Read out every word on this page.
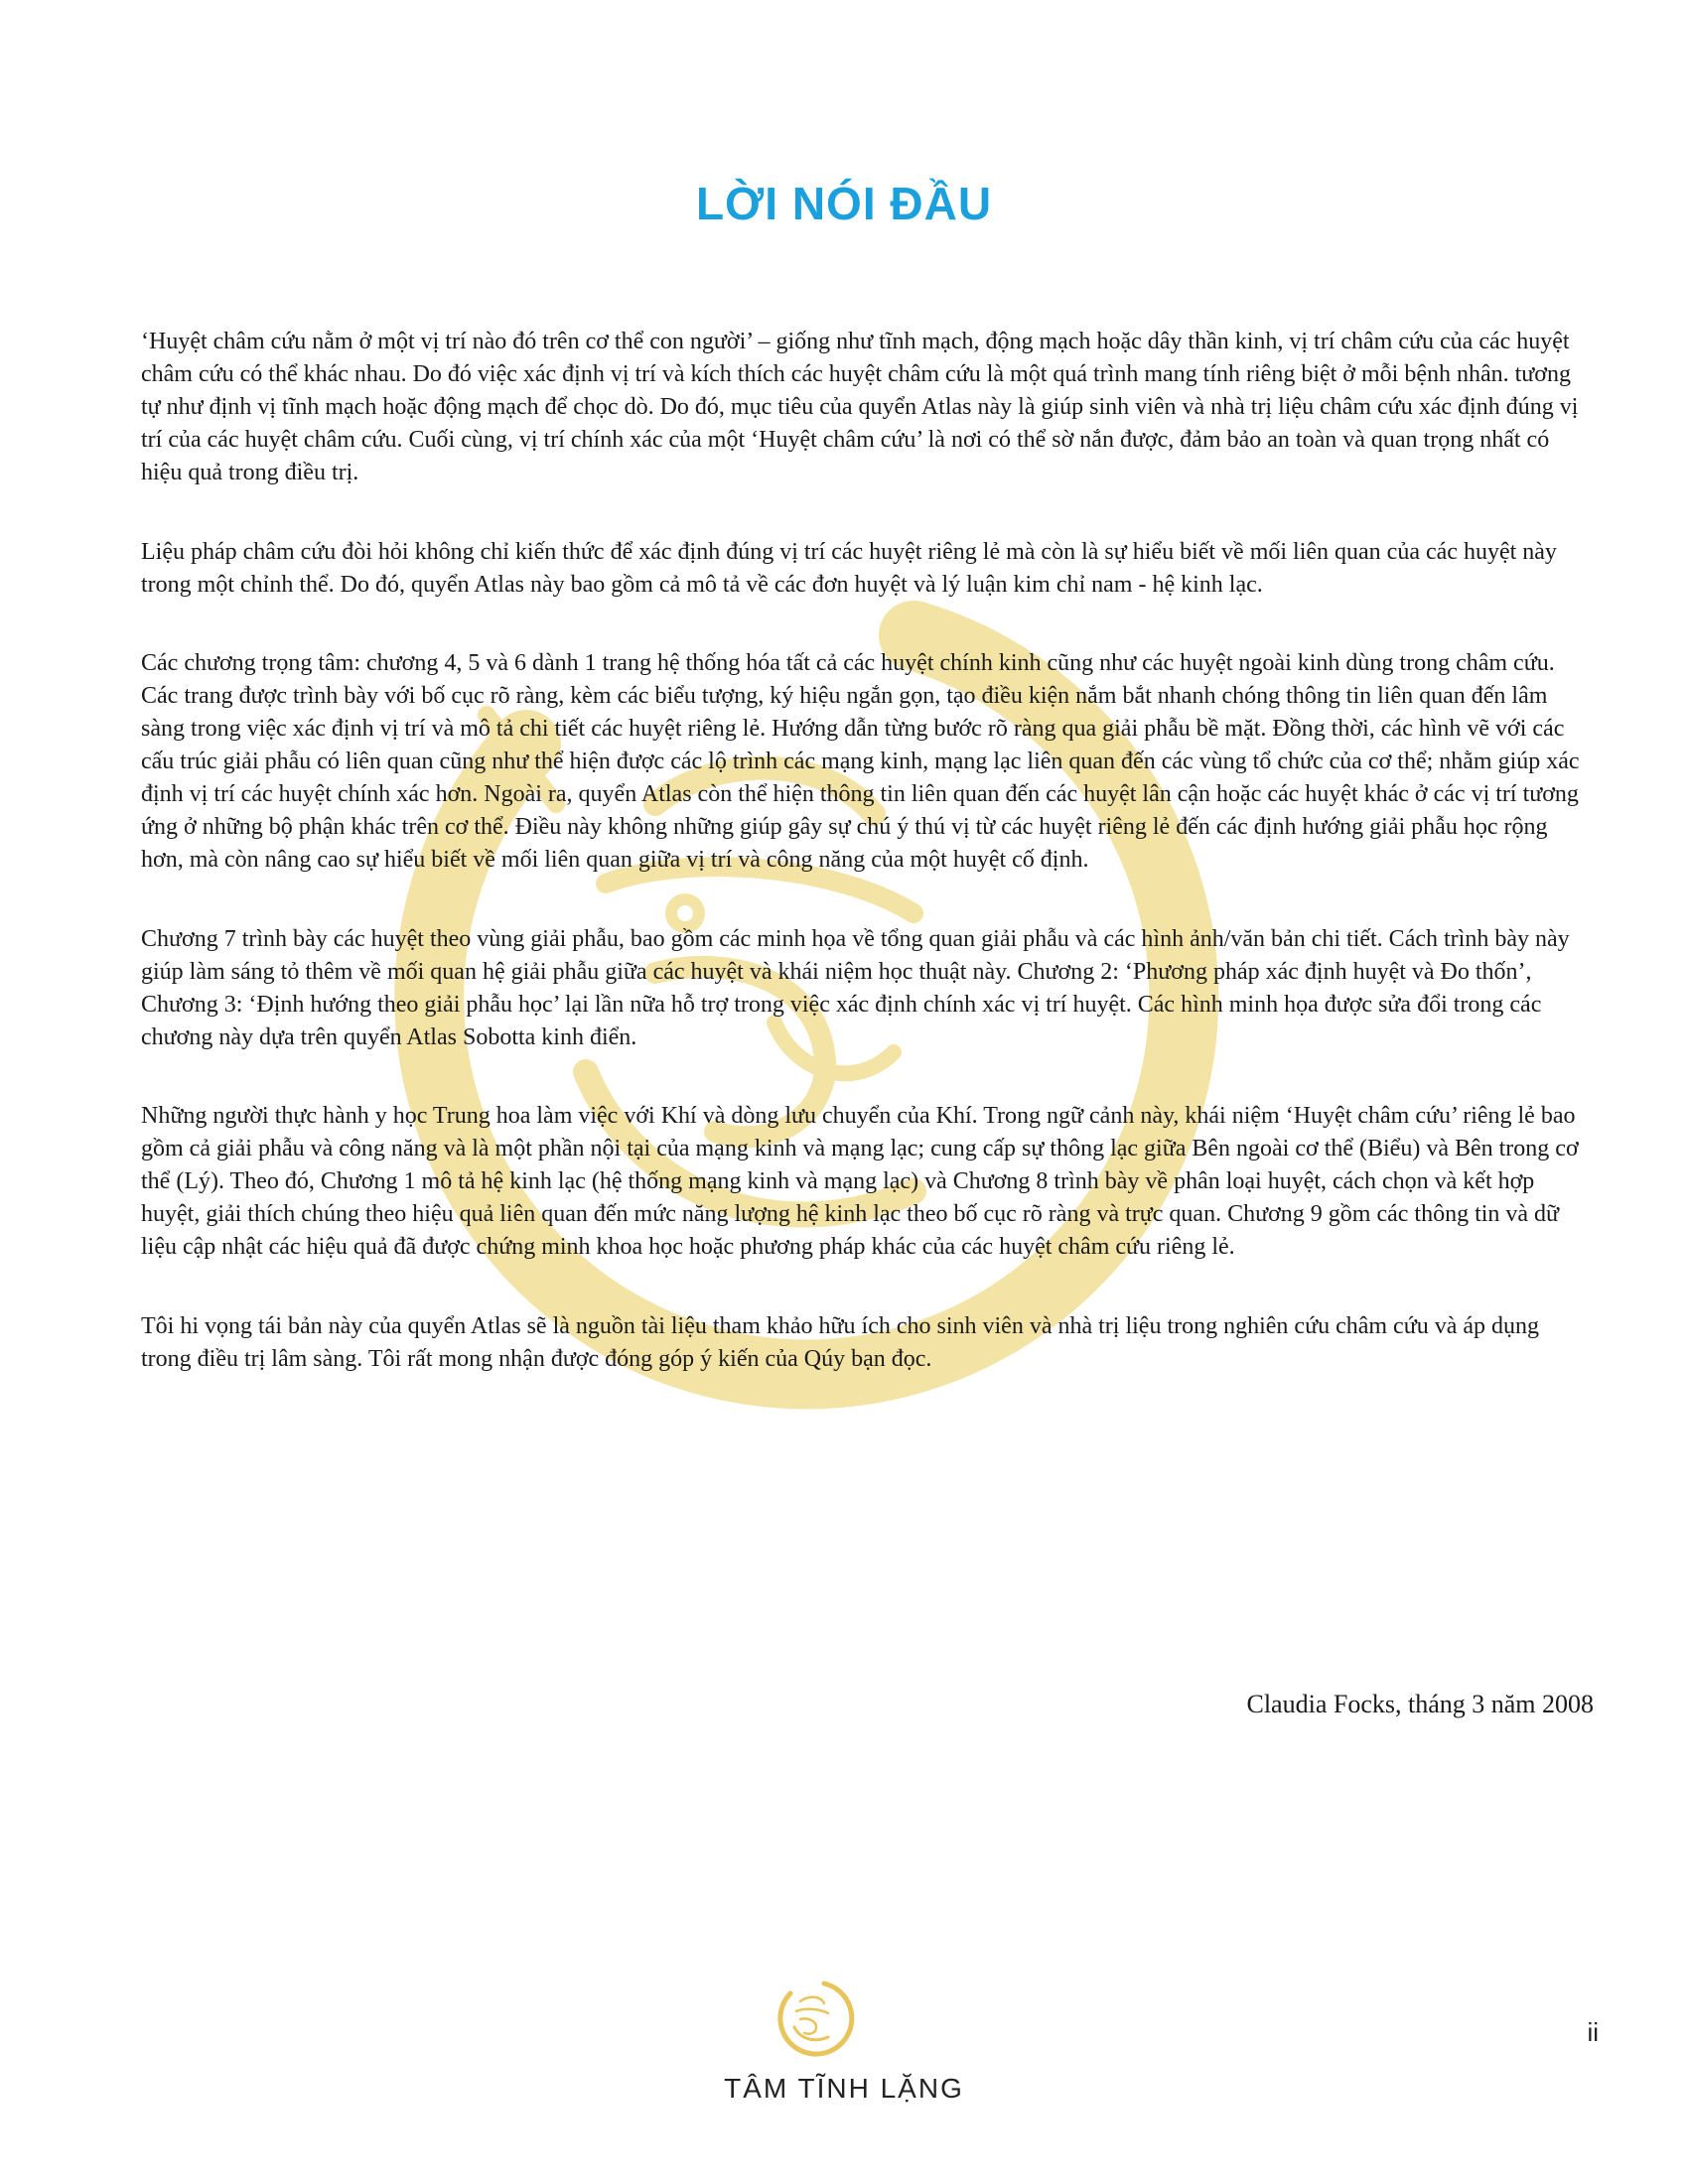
LỜI NÓI ĐẦU

‘Huyệt châm cứu nằm ở một vị trí nào đó trên cơ thể con người’ – giống như tĩnh mạch, động mạch hoặc dây thần kinh, vị trí châm cứu của các huyệt châm cứu có thể khác nhau. Do đó việc xác định vị trí và kích thích các huyệt châm cứu là một quá trình mang tính riêng biệt ở mỗi bệnh nhân. tương tự như định vị tĩnh mạch hoặc động mạch để chọc dò. Do đó, mục tiêu của quyển Atlas này là giúp sinh viên và nhà trị liệu châm cứu xác định đúng vị trí của các huyệt châm cứu. Cuối cùng, vị trí chính xác của một ‘Huyệt châm cứu’ là nơi có thể sờ nắn được, đảm bảo an toàn và quan trọng nhất có hiệu quả trong điều trị.

Liệu pháp châm cứu đòi hỏi không chỉ kiến thức để xác định đúng vị trí các huyệt riêng lẻ mà còn là sự hiểu biết về mối liên quan của các huyệt này trong một chỉnh thể. Do đó, quyển Atlas này bao gồm cả mô tả về các đơn huyệt và lý luận kim chỉ nam - hệ kinh lạc.

Các chương trọng tâm: chương 4, 5 và 6 dành 1 trang hệ thống hóa tất cả các huyệt chính kinh cũng như các huyệt ngoài kinh dùng trong châm cứu. Các trang được trình bày với bố cục rõ ràng, kèm các biểu tượng, ký hiệu ngắn gọn, tạo điều kiện nắm bắt nhanh chóng thông tin liên quan đến lâm sàng trong việc xác định vị trí và mô tả chi tiết các huyệt riêng lẻ. Hướng dẫn từng bước rõ ràng qua giải phẫu bề mặt. Đồng thời, các hình vẽ với các cấu trúc giải phẫu có liên quan cũng như thể hiện được các lộ trình các mạng kinh, mạng lạc liên quan đến các vùng tổ chức của cơ thể; nhằm giúp xác định vị trí các huyệt chính xác hơn. Ngoài ra, quyển Atlas còn thể hiện thông tin liên quan đến các huyệt lân cận hoặc các huyệt khác ở các vị trí tương ứng ở những bộ phận khác trên cơ thể. Điều này không những giúp gây sự chú ý thú vị từ các huyệt riêng lẻ đến các định hướng giải phẫu học rộng hơn, mà còn nâng cao sự hiểu biết về mối liên quan giữa vị trí và công năng của một huyệt cố định.

Chương 7 trình bày các huyệt theo vùng giải phẫu, bao gồm các minh họa về tổng quan giải phẫu và các hình ảnh/văn bản chi tiết. Cách trình bày này giúp làm sáng tỏ thêm về mối quan hệ giải phẫu giữa các huyệt và khái niệm học thuật này. Chương 2: ‘Phương pháp xác định huyệt và Đo thốn’, Chương 3: ‘Định hướng theo giải phẫu học’ lại lần nữa hỗ trợ trong việc xác định chính xác vị trí huyệt. Các hình minh họa được sửa đổi trong các chương này dựa trên quyển Atlas Sobotta kinh điển.

Những người thực hành y học Trung hoa làm việc với Khí và dòng lưu chuyển của Khí. Trong ngữ cảnh này, khái niệm ‘Huyệt châm cứu’ riêng lẻ bao gồm cả giải phẫu và công năng và là một phần nội tại của mạng kinh và mạng lạc; cung cấp sự thông lạc giữa Bên ngoài cơ thể (Biểu) và Bên trong cơ thể (Lý). Theo đó, Chương 1 mô tả hệ kinh lạc (hệ thống mạng kinh và mạng lạc) và Chương 8 trình bày về phân loại huyệt, cách chọn và kết hợp huyệt, giải thích chúng theo hiệu quả liên quan đến mức năng lượng hệ kinh lạc theo bố cục rõ ràng và trực quan. Chương 9 gồm các thông tin và dữ liệu cập nhật các hiệu quả đã được chứng minh khoa học hoặc phương pháp khác của các huyệt châm cứu riêng lẻ.

Tôi hi vọng tái bản này của quyển Atlas sẽ là nguồn tài liệu tham khảo hữu ích cho sinh viên và nhà trị liệu trong nghiên cứu châm cứu và áp dụng trong điều trị lâm sàng. Tôi rất mong nhận được đóng góp ý kiến của Qúy bạn đọc.

Claudia Focks, tháng 3 năm 2008
TÂM TĨNH LẶNG
ii
